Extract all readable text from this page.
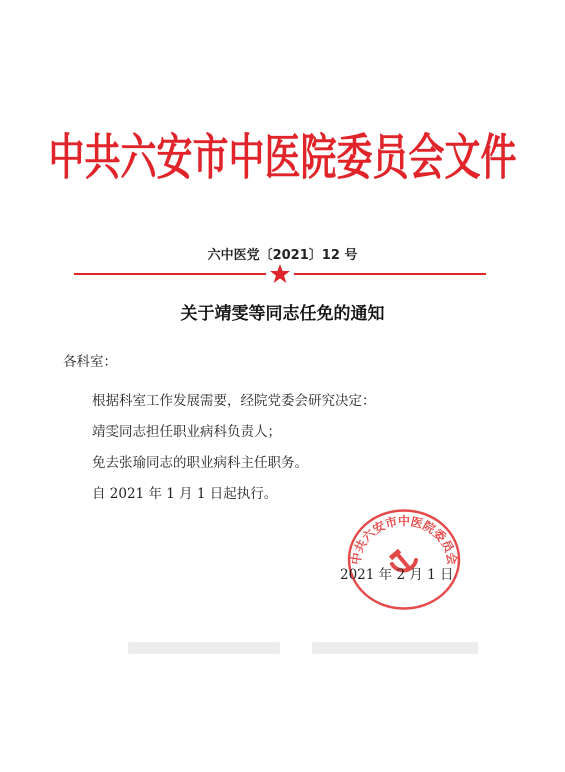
中共六安市中医院委员会文件
六中医党〔2021〕12 号
关于靖雯等同志任免的通知
各科室：
根据科室工作发展需要，经院党委会研究决定：
靖雯同志担任职业病科负责人；
免去张瑜同志的职业病科主任职务。
自 2021 年 1 月 1 日起执行。
中共六安市中医院委员会
2021 年 2 月 1 日
